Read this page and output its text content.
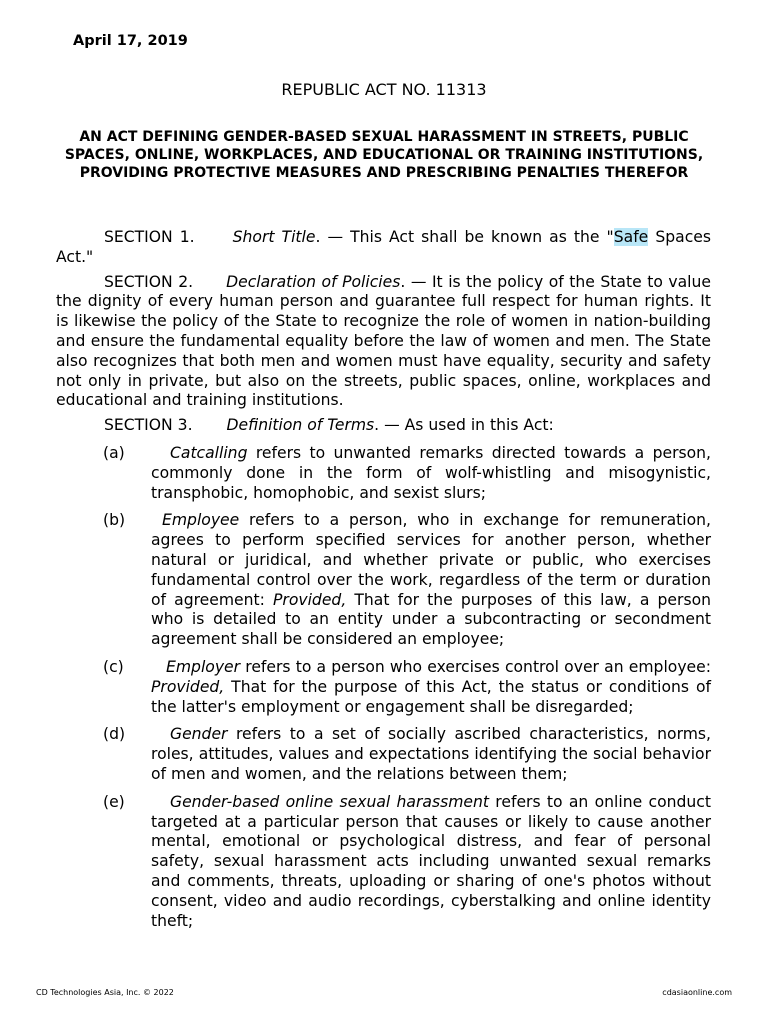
April 17, 2019
REPUBLIC ACT NO. 11313
AN ACT DEFINING GENDER-BASED SEXUAL HARASSMENT IN STREETS, PUBLIC SPACES, ONLINE, WORKPLACES, AND EDUCATIONAL OR TRAINING INSTITUTIONS, PROVIDING PROTECTIVE MEASURES AND PRESCRIBING PENALTIES THEREFOR

SECTION 1. Short Title. — This Act shall be known as the "Safe Spaces Act."

SECTION 2. Declaration of Policies. — It is the policy of the State to value the dignity of every human person and guarantee full respect for human rights. It is likewise the policy of the State to recognize the role of women in nation-building and ensure the fundamental equality before the law of women and men. The State also recognizes that both men and women must have equality, security and safety not only in private, but also on the streets, public spaces, online, workplaces and educational and training institutions.

SECTION 3. Definition of Terms. — As used in this Act:

(a)	Catcalling refers to unwanted remarks directed towards a person, commonly done in the form of wolf-whistling and misogynistic, transphobic, homophobic, and sexist slurs;
(b) Employee refers to a person, who in exchange for remuneration, agrees to perform specified services for another person, whether natural or juridical, and whether private or public, who exercises fundamental control over the work, regardless of the term or duration of agreement: Provided, That for the purposes of this law, a person who is detailed to an entity under a subcontracting or secondment agreement shall be considered an employee;
(c)	Employer refers to a person who exercises control over an employee: Provided, That for the purpose of this Act, the status or conditions of the latter's employment or engagement shall be disregarded;
(d)	Gender refers to a set of socially ascribed characteristics, norms, roles, attitudes, values and expectations identifying the social behavior of men and women, and the relations between them;
(e)	Gender-based online sexual harassment refers to an online conduct targeted at a particular person that causes or likely to cause another mental, emotional or psychological distress, and fear of personal safety, sexual harassment acts including unwanted sexual remarks and comments, threats, uploading or sharing of one's photos without consent, video and audio recordings, cyberstalking and online identity theft;
CD Technologies Asia, Inc. © 2022	cdasiaonline.com
